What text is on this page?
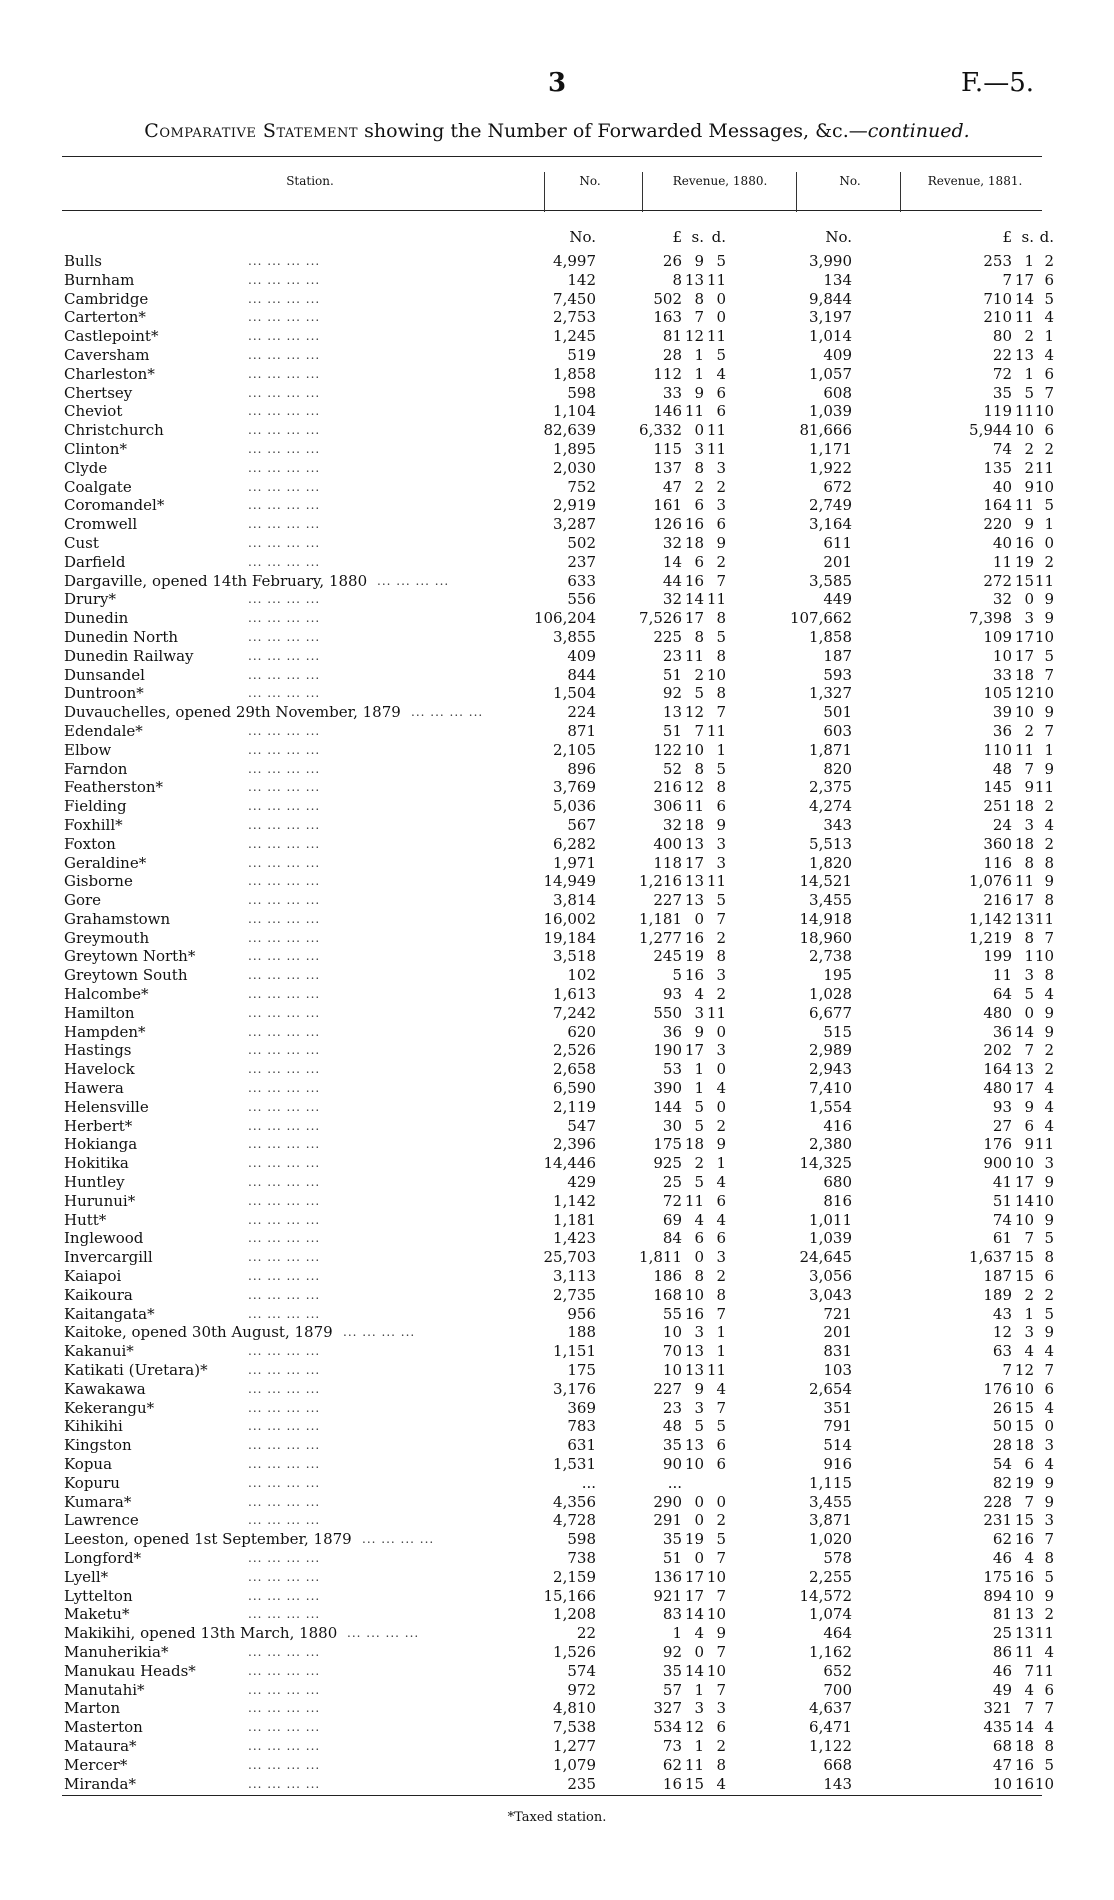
3	F.—5.
Comparative Statement showing the Number of Forwarded Messages, &c.—continued.
Station.	No.	Revenue, 1880.	No.	Revenue, 1881.
No.	£ s. d.	No.	£ s. d.
... ... ... ...
Bulls	4,997	26 9 5	3,990	253 1 2
... ... ... ...
Burnham	142	8 13 11	134	7 17 6
... ... ... ...
Cambridge	7,450	502 8 0	9,844	710 14 5
... ... ... ...
Carterton*	2,753	163 7 0	3,197	210 11 4
... ... ... ...
Castlepoint*	1,245	81 12 11	1,014	80 2 1
... ... ... ...
Caversham	519	28 1 5	409	22 13 4
... ... ... ...
Charleston*	1,858	112 1 4	1,057	72 1 6
... ... ... ...
Chertsey	598	33 9 6	608	35 5 7
... ... ... ...
Cheviot	1,104	146 11 6	1,039	119 11 10
... ... ... ...
Christchurch	82,639	6,332 0 11	81,666	5,944 10 6
... ... ... ...
Clinton*	1,895	115 3 11	1,171	74 2 2
... ... ... ...
Clyde	2,030	137 8 3	1,922	135 2 11
... ... ... ...
Coalgate	752	47 2 2	672	40 9 10
... ... ... ...
Coromandel*	2,919	161 6 3	2,749	164 11 5
... ... ... ...
Cromwell	3,287	126 16 6	3,164	220 9 1
... ... ... ...
Cust	502	32 18 9	611	40 16 0
... ... ... ...
Darfield	237	14 6 2	201	11 19 2
... ... ... ...
Dargaville, opened 14th February, 1880	633	44 16 7	3,585	272 15 11
... ... ... ...
Drury*	556	32 14 11	449	32 0 9
... ... ... ...
Dunedin	106,204	7,526 17 8	107,662	7,398 3 9
... ... ... ...
Dunedin North	3,855	225 8 5	1,858	109 17 10
... ... ... ...
Dunedin Railway	409	23 11 8	187	10 17 5
... ... ... ...
Dunsandel	844	51 2 10	593	33 18 7
... ... ... ...
Duntroon*	1,504	92 5 8	1,327	105 12 10
... ... ... ...
Duvauchelles, opened 29th November, 1879	224	13 12 7	501	39 10 9
... ... ... ...
Edendale*	871	51 7 11	603	36 2 7
... ... ... ...
Elbow	2,105	122 10 1	1,871	110 11 1
... ... ... ...
Farndon	896	52 8 5	820	48 7 9
... ... ... ...
Featherston*	3,769	216 12 8	2,375	145 9 11
... ... ... ...
Fielding	5,036	306 11 6	4,274	251 18 2
... ... ... ...
Foxhill*	567	32 18 9	343	24 3 4
... ... ... ...
Foxton	6,282	400 13 3	5,513	360 18 2
... ... ... ...
Geraldine*	1,971	118 17 3	1,820	116 8 8
... ... ... ...
Gisborne	14,949	1,216 13 11	14,521	1,076 11 9
... ... ... ...
Gore	3,814	227 13 5	3,455	216 17 8
... ... ... ...
Grahamstown	16,002	1,181 0 7	14,918	1,142 13 11
... ... ... ...
Greymouth	19,184	1,277 16 2	18,960	1,219 8 7
... ... ... ...
Greytown North*	3,518	245 19 8	2,738	199 1 10
... ... ... ...
Greytown South	102	5 16 3	195	11 3 8
... ... ... ...
Halcombe*	1,613	93 4 2	1,028	64 5 4
... ... ... ...
Hamilton	7,242	550 3 11	6,677	480 0 9
... ... ... ...
Hampden*	620	36 9 0	515	36 14 9
... ... ... ...
Hastings	2,526	190 17 3	2,989	202 7 2
... ... ... ...
Havelock	2,658	53 1 0	2,943	164 13 2
... ... ... ...
Hawera	6,590	390 1 4	7,410	480 17 4
... ... ... ...
Helensville	2,119	144 5 0	1,554	93 9 4
... ... ... ...
Herbert*	547	30 5 2	416	27 6 4
... ... ... ...
Hokianga	2,396	175 18 9	2,380	176 9 11
... ... ... ...
Hokitika	14,446	925 2 1	14,325	900 10 3
... ... ... ...
Huntley	429	25 5 4	680	41 17 9
... ... ... ...
Hurunui*	1,142	72 11 6	816	51 14 10
... ... ... ...
Hutt*	1,181	69 4 4	1,011	74 10 9
... ... ... ...
Inglewood	1,423	84 6 6	1,039	61 7 5
... ... ... ...
Invercargill	25,703	1,811 0 3	24,645	1,637 15 8
... ... ... ...
Kaiapoi	3,113	186 8 2	3,056	187 15 6
... ... ... ...
Kaikoura	2,735	168 10 8	3,043	189 2 2
... ... ... ...
Kaitangata*	956	55 16 7	721	43 1 5
... ... ... ...
Kaitoke, opened 30th August, 1879	188	10 3 1	201	12 3 9
... ... ... ...
Kakanui*	1,151	70 13 1	831	63 4 4
... ... ... ...
Katikati (Uretara)*	175	10 13 11	103	7 12 7
... ... ... ...
Kawakawa	3,176	227 9 4	2,654	176 10 6
... ... ... ...
Kekerangu*	369	23 3 7	351	26 15 4
... ... ... ...
Kihikihi	783	48 5 5	791	50 15 0
... ... ... ...
Kingston	631	35 13 6	514	28 18 3
... ... ... ...
Kopua	1,531	90 10 6	916	54 6 4
... ... ... ...
Kopuru	...	...	1,115	82 19 9
... ... ... ...
Kumara*	4,356	290 0 0	3,455	228 7 9
... ... ... ...
Lawrence	4,728	291 0 2	3,871	231 15 3
... ... ... ...
Leeston, opened 1st September, 1879	598	35 19 5	1,020	62 16 7
... ... ... ...
Longford*	738	51 0 7	578	46 4 8
... ... ... ...
Lyell*	2,159	136 17 10	2,255	175 16 5
... ... ... ...
Lyttelton	15,166	921 17 7	14,572	894 10 9
... ... ... ...
Maketu*	1,208	83 14 10	1,074	81 13 2
... ... ... ...
Makikihi, opened 13th March, 1880	22	1 4 9	464	25 13 11
... ... ... ...
Manuherikia*	1,526	92 0 7	1,162	86 11 4
... ... ... ...
Manukau Heads*	574	35 14 10	652	46 7 11
... ... ... ...
Manutahi*	972	57 1 7	700	49 4 6
... ... ... ...
Marton	4,810	327 3 3	4,637	321 7 7
... ... ... ...
Masterton	7,538	534 12 6	6,471	435 14 4
... ... ... ...
Mataura*	1,277	73 1 2	1,122	68 18 8
... ... ... ...
Mercer*	1,079	62 11 8	668	47 16 5
... ... ... ...
Miranda*	235	16 15 4	143	10 16 10
*Taxed station.
